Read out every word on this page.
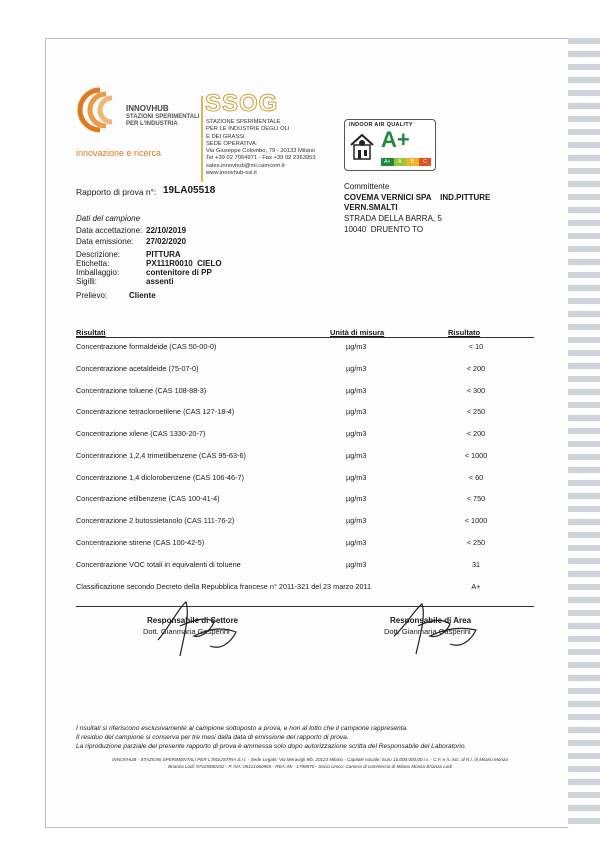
INNOVHUB
STAZIONI SPERIMENTALI
PER L'INDUSTRIA
innovazione e ricerca
SSOG
STAZIONE SPERIMENTALE
PER LE INDUSTRIE DEGLI OLI
E DEI GRASSI
SEDE OPERATIVA:
Via Giuseppe Colombo, 79 - 20133 Milano
Tel +39 02 7064971 - Fax +39 02 2363953
sales.innovhub@mi.camcom.it
www.innovhub-ssi.it
INDOOR AIR QUALITY
A+
A+	A	B	C
Rapporto di prova n°: 19LA05518	Committente
COVEMA VERNICI SPA    IND.PITTURE
VERN.SMALTI
STRADA DELLA BARRA, 5
10040  DRUENTO TO
Dati del campione
Data accettazione: 22/10/2019
Data emissione: 27/02/2020
Descrizione:	PITTURA
Etichetta:	PX111R0010  CIELO
Imballaggio:	contenitore di PP
Sigilli:	assenti
Prelievo:	Cliente
Risultati	Unità di misura	Risultato
Concentrazione formaldeide (CAS 50-00-0)	µg/m3	< 10
Concentrazione acetaldeide (75-07-0)	µg/m3	< 200
Concentrazione toluene (CAS 108-88-3)	µg/m3	< 300
Concentrazione tetracloroetilene (CAS 127-18-4)	µg/m3	< 250
Concentrazione xilene (CAS 1330-20-7)	µg/m3	< 200
Concentrazione 1,2,4 trimetilbenzene (CAS 95-63-6)	µg/m3	< 1000
Concentrazione 1,4 diclorobenzene (CAS 106-46-7)	µg/m3	< 60
Concentrazione etilbenzene (CAS 100-41-4)	µg/m3	< 750
Concentrazione 2 butossietanolo (CAS 111-76-2)	µg/m3	< 1000
Concentrazione stirene (CAS 100-42-5)	µg/m3	< 250
Concentrazione VOC totali in equivalenti di toluene	µg/m3	31
Classificazione secondo Decreto della Repubblica francese n° 2011-321 del 23 marzo 2011	A+
Responsabile di Settore
Dott. Gianmaria Gasperini
Responsabile di Area
Dott. Gianmaria Gasperini
I risultati si riferiscono esclusivamente al campione sottoposto a prova, e non al lotto che il campione rappresenta.
Il residuo del campione si conserva per tre mesi dalla data di emissione del rapporto di prova.
La riproduzione parziale del presente rapporto di prova è ammessa solo dopo autorizzazione scritta del Responsabile del Laboratorio.
INNOVHUB - STAZIONI SPERIMENTALI PER L'INDUSTRIA S.r.l. - Sede Legale: Via Meravigli 9/b, 20123 Milano - Capitale sociale: Euro 10.000.000,00 i.v. - C.F. e n. iscr. al R.I. di Milano Monza
Brianza Lodi: 97425580152 - P. IVA: 05121060965 - REA: MI - 1798570 - Socio Unico: Camera di commercio di Milano Monza Brianza Lodi
